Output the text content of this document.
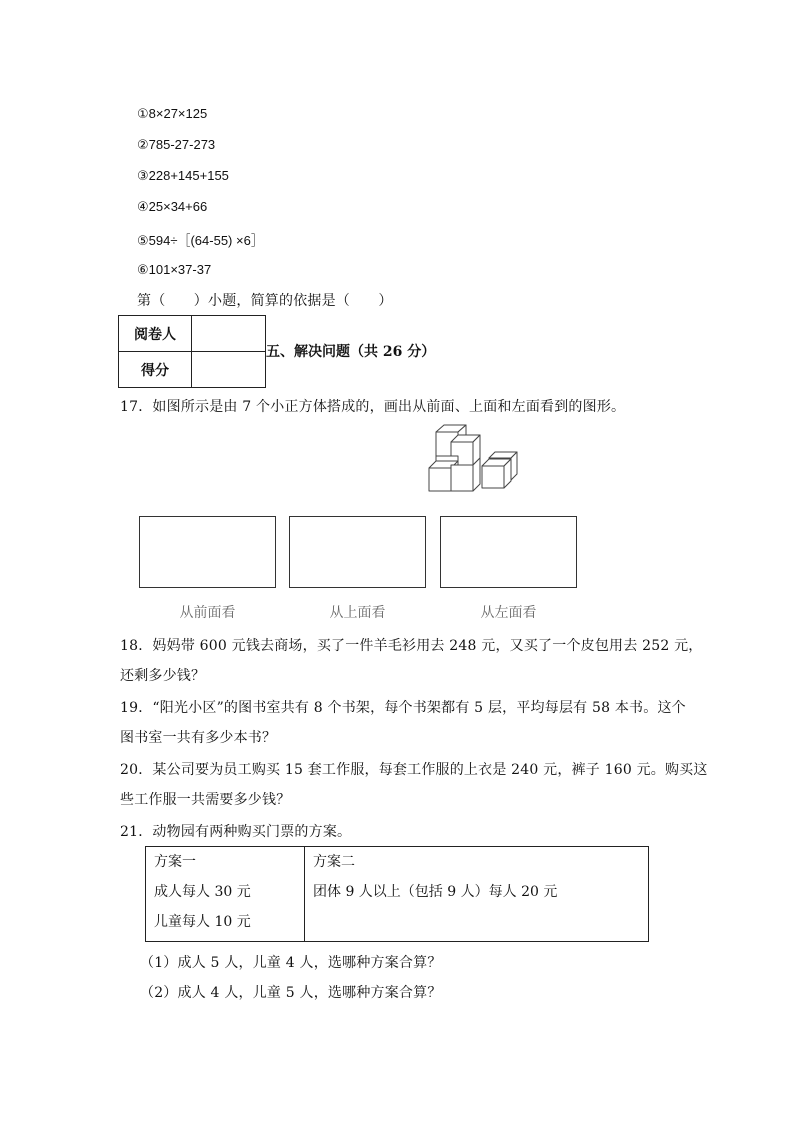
①8×27×125
②785-27-273
③228+145+155
④25×34+66
⑤594÷［(64-55) ×6］
⑥101×37-37
第（　　）小题，简算的依据是（　　）
阅卷人	
得分	
五、解决问题（共 26 分）
17．如图所示是由 7 个小正方体搭成的，画出从前面、上面和左面看到的图形。
从前面看	从上面看	从左面看
18．妈妈带 600 元钱去商场，买了一件羊毛衫用去 248 元，又买了一个皮包用去 252 元，
还剩多少钱？
19．“阳光小区”的图书室共有 8 个书架，每个书架都有 5 层，平均每层有 58 本书。这个
图书室一共有多少本书？
20．某公司要为员工购买 15 套工作服，每套工作服的上衣是 240 元，裤子 160 元。购买这
些工作服一共需要多少钱？
21．动物园有两种购买门票的方案。
方案一
成人每人 30 元
儿童每人 10 元

方案二
团体 9 人以上（包括 9 人）每人 20 元
（1）成人 5 人，儿童 4 人，选哪种方案合算？
（2）成人 4 人，儿童 5 人，选哪种方案合算？
